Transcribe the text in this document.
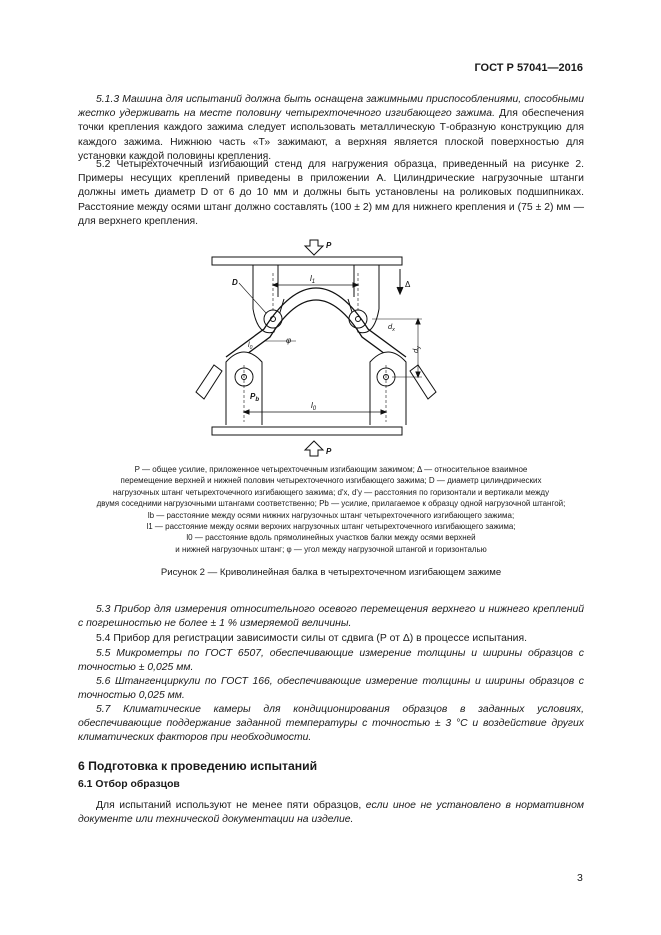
ГОСТ Р 57041—2016

5.1.3 Машина для испытаний должна быть оснащена зажимными приспособлениями, способными жестко удерживать на месте половину четырехточечного изгибающего зажима. Для обеспечения точки крепления каждого зажима следует использовать металлическую Т-образную конструкцию для каждого зажима. Нижнюю часть «Т» зажимают, а верхняя является плоской поверхностью для установки каждой половины крепления.

5.2 Четырехточечный изгибающий стенд для нагружения образца, приведенный на рисунке 2. Примеры несущих креплений приведены в приложении А. Цилиндрические нагрузочные штанги должны иметь диаметр D от 6 до 10 мм и должны быть установлены на роликовых подшипниках. Расстояние между осями штанг должно составлять (100 ± 2) мм для нижнего крепления и (75 ± 2) мм — для верхнего крепления.

P
Δ
$l_1$
D
$P_b$
$l_0$
$d_x$
$d_y$
$l_0$
φ
P

P — общее усилие, приложенное четырехточечным изгибающим зажимом; Δ — относительное взаимное
перемещение верхней и нижней половин четырехточечного изгибающего зажима; D — диаметр цилиндрических
нагрузочных штанг четырехточечного изгибающего зажима; d'x, d'y — расстояния по горизонтали и вертикали между
двумя соседними нагрузочными штангами соответственно; Pb — усилие, прилагаемое к образцу одной нагрузочной штангой;
lb — расстояние между осями нижних нагрузочных штанг четырехточечного изгибающего зажима;
l1 — расстояние между осями верхних нагрузочных штанг четырехточечного изгибающего зажима;
l0 — расстояние вдоль прямолинейных участков балки между осями верхней
и нижней нагрузочных штанг; φ — угол между нагрузочной штангой и горизонталью

Рисунок 2 — Криволинейная балка в четырехточечном изгибающем зажиме

5.3 Прибор для измерения относительного осевого перемещения верхнего и нижнего креплений с погрешностью не более ± 1 % измеряемой величины.

5.4 Прибор для регистрации зависимости силы от сдвига (Р от Δ) в процессе испытания.

5.5 Микрометры по ГОСТ 6507, обеспечивающие измерение толщины и ширины образцов с точностью ± 0,025 мм.

5.6 Штангенциркули по ГОСТ 166, обеспечивающие измерение толщины и ширины образцов с точностью 0,025 мм.

5.7 Климатические камеры для кондиционирования образцов в заданных условиях, обеспечивающие поддержание заданной температуры с точностью ± 3 °С и воздействие других климатических факторов при необходимости.

6 Подготовка к проведению испытаний
6.1 Отбор образцов

Для испытаний используют не менее пяти образцов, если иное не установлено в нормативном документе или технической документации на изделие.

3
